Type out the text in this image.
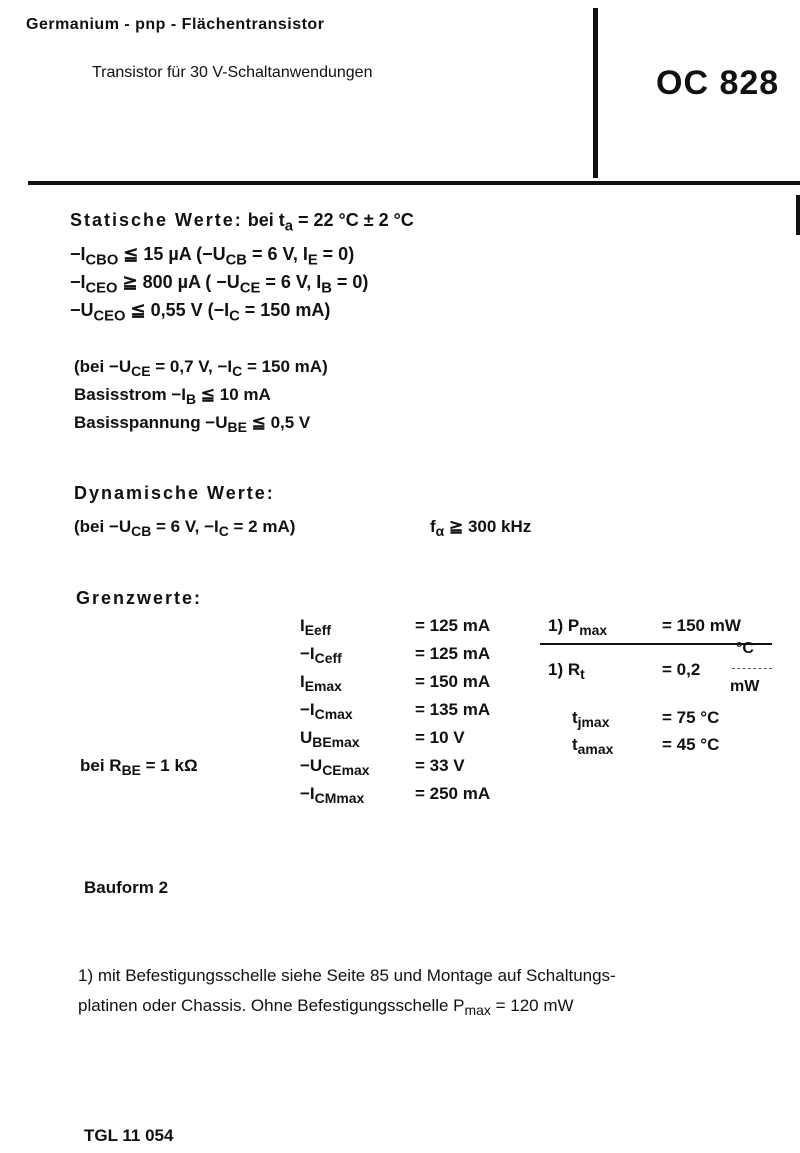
Germanium - pnp - Flächentransistor
Transistor für 30 V-Schaltanwendungen	OC 828
Statische Werte: bei $t_a = 22$ °C ± 2 °C
$-I_{CBO}$ ≦ 15 µA ($-U_{CB} = 6$ V, $I_E = 0$)
$-I_{CEO}$ ≧ 800 µA ( $-U_{CE} = 6$ V, $I_B = 0$)
$-U_{CEO}$ ≦ 0,55 V ($-I_C = 150$ mA)
($bei -U_{CE} = 0,7$ V, $-I_C = 150$ mA)
Basisstrom $-I_B$ ≦ 10 mA
Basisspannung $-U_{BE}$ ≦ 0,5 V
Dynamische Werte:
($bei -U_{CB} = 6$ V, $-I_C = 2$ mA)	$f_\alpha$ ≧ 300 kHz
Grenzwerte:
$I_{Eeff}$	= 125 mA
$-I_{Ceff}$	= 125 mA
$I_{Emax}$	= 150 mA
$-I_{Cmax}$	= 135 mA
$U_{BEmax}$	= 10 V
$-U_{CEmax}$	= 33 V
$-I_{CMmax}$	= 250 mA
bei $R_{BE} = 1$ kΩ
1) $P_{max}$	= 150 mW
1) $R_t$	= 0,2
°C
mW
$t_{jmax}$	= 75 °C
$t_{amax}$	= 45 °C
Bauform 2
1) mit Befestigungsschelle siehe Seite 85 und Montage auf Schaltungs-
platinen oder Chassis. Ohne Befestigungsschelle $P_{max} = 120$ mW
TGL 11 054
